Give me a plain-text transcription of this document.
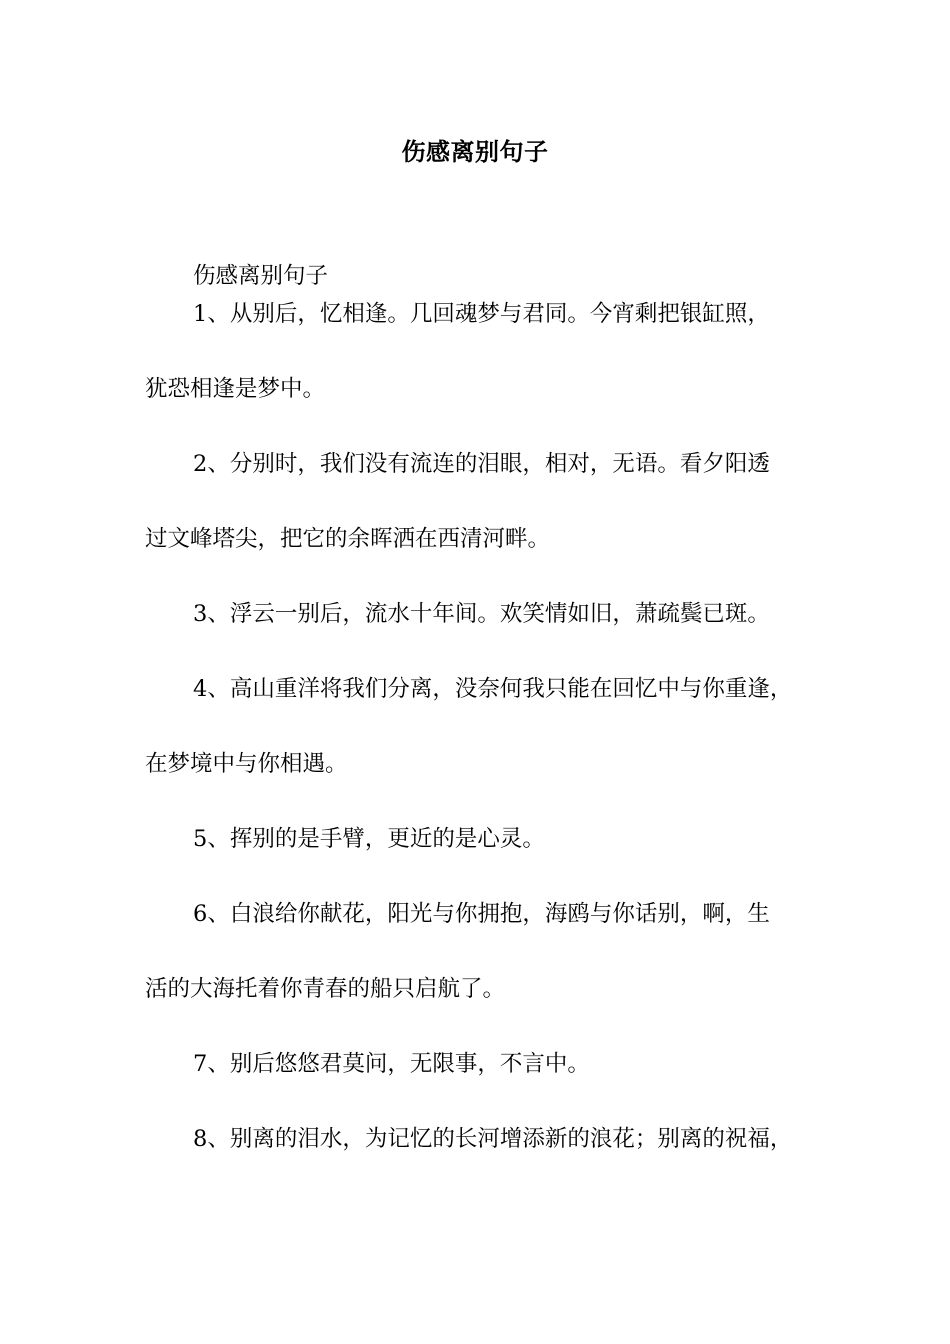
伤感离别句子
伤感离别句子
1、从别后，忆相逢。几回魂梦与君同。今宵剩把银缸照，
犹恐相逢是梦中。
2、分别时，我们没有流连的泪眼，相对，无语。看夕阳透
过文峰塔尖，把它的余晖洒在西清河畔。
3、浮云一别后，流水十年间。欢笑情如旧，萧疏鬓已斑。
4、高山重洋将我们分离，没奈何我只能在回忆中与你重逢，
在梦境中与你相遇。
5、挥别的是手臂，更近的是心灵。
6、白浪给你献花，阳光与你拥抱，海鸥与你话别，啊，生
活的大海托着你青春的船只启航了。
7、别后悠悠君莫问，无限事，不言中。
8、别离的泪水，为记忆的长河增添新的浪花；别离的祝福，
